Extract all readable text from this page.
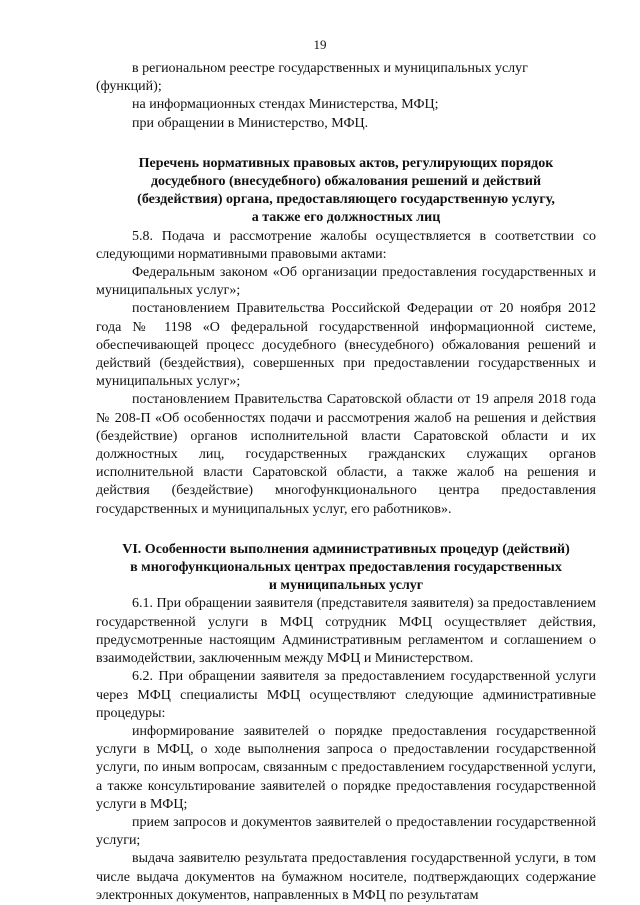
19

в региональном реестре государственных и муниципальных услуг (функций);

на информационных стендах Министерства, МФЦ;

при обращении в Министерство, МФЦ.

Перечень нормативных правовых актов, регулирующих порядок
досудебного (внесудебного) обжалования решений и действий
(бездействия) органа, предоставляющего государственную услугу,
а также его должностных лиц

5.8. Подача и рассмотрение жалобы осуществляется в соответствии со следующими нормативными правовыми актами:

Федеральным законом «Об организации предоставления государственных и муниципальных услуг»;

постановлением Правительства Российской Федерации от 20 ноября 2012 года № 1198 «О федеральной государственной информационной системе, обеспечивающей процесс досудебного (внесудебного) обжалования решений и действий (бездействия), совершенных при предоставлении государственных и муниципальных услуг»;

постановлением Правительства Саратовской области от 19 апреля 2018 года № 208-П «Об особенностях подачи и рассмотрения жалоб на решения и действия (бездействие) органов исполнительной власти Саратовской области и их должностных лиц, государственных гражданских служащих органов исполнительной власти Саратовской области, а также жалоб на решения и действия (бездействие) многофункционального центра предоставления государственных и муниципальных услуг, его работников».

VI. Особенности выполнения административных процедур (действий)
в многофункциональных центрах предоставления государственных
и муниципальных услуг

6.1. При обращении заявителя (представителя заявителя) за предоставлением государственной услуги в МФЦ сотрудник МФЦ осуществляет действия, предусмотренные настоящим Административным регламентом и соглашением о взаимодействии, заключенным между МФЦ и Министерством.

6.2. При обращении заявителя за предоставлением государственной услуги через МФЦ специалисты МФЦ осуществляют следующие административные процедуры:

информирование заявителей о порядке предоставления государственной услуги в МФЦ, о ходе выполнения запроса о предоставлении государственной услуги, по иным вопросам, связанным с предоставлением государственной услуги, а также консультирование заявителей о порядке предоставления государственной услуги в МФЦ;

прием запросов и документов заявителей о предоставлении государственной услуги;

выдача заявителю результата предоставления государственной услуги, в том числе выдача документов на бумажном носителе, подтверждающих содержание электронных документов, направленных в МФЦ по результатам
